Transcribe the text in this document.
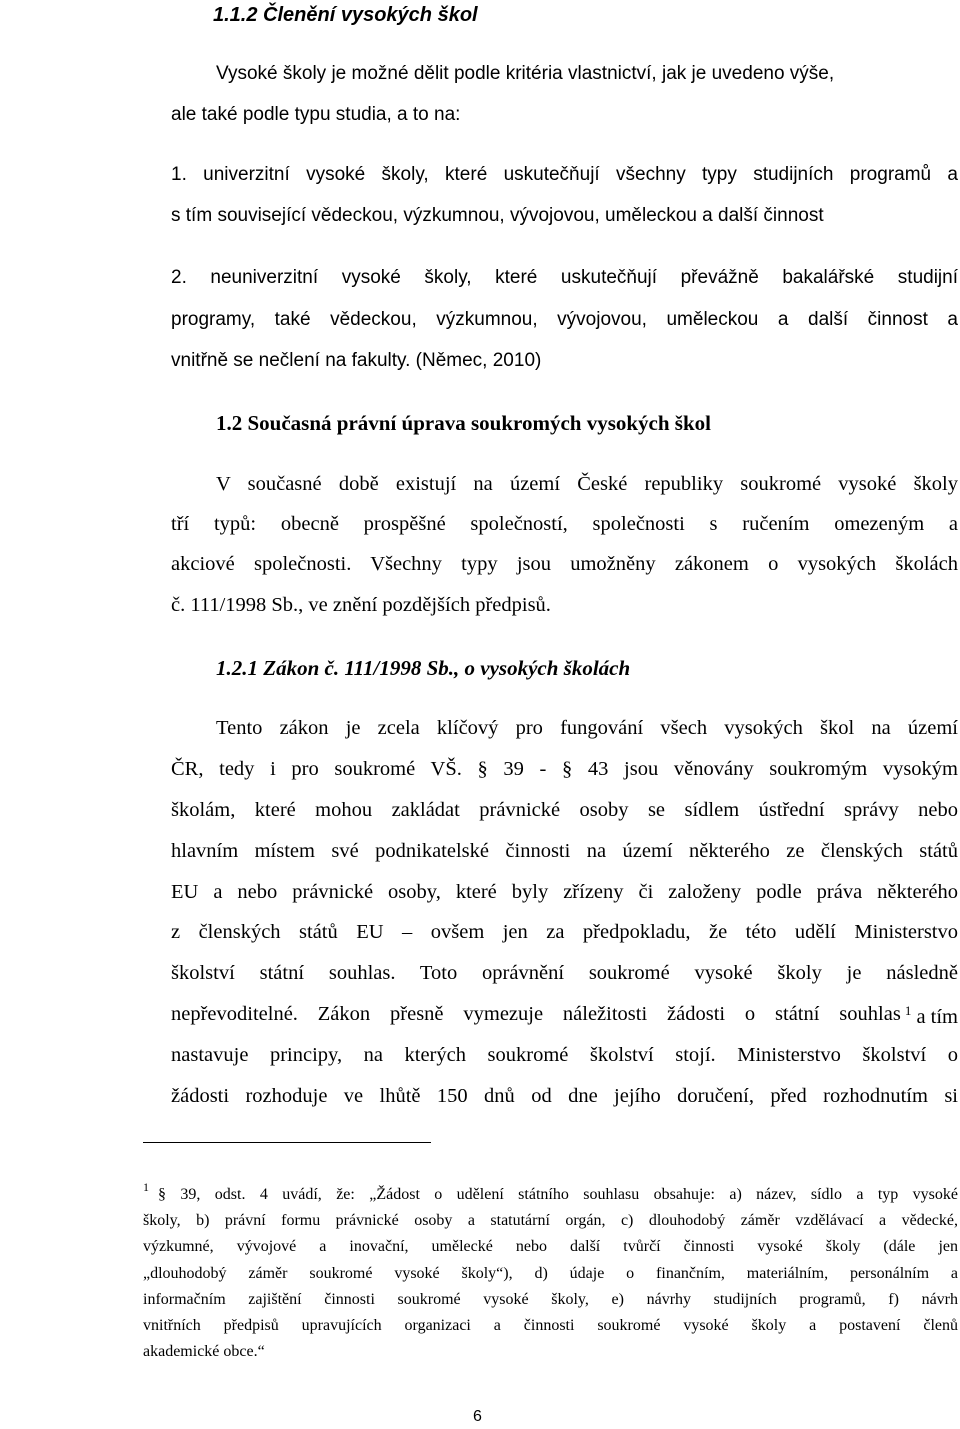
1.1.2 Členění vysokých škol
Vysoké školy je možné dělit podle kritéria vlastnictví, jak je uvedeno výše,
ale také podle typu studia, a to na:
1. univerzitní vysoké školy, které uskutečňují všechny typy studijních programů a
s tím související vědeckou, výzkumnou, vývojovou, uměleckou a další činnost
2. neuniverzitní vysoké školy, které uskutečňují převážně bakalářské studijní
programy, také vědeckou, výzkumnou, vývojovou, uměleckou a další činnost a
vnitřně se nečlení na fakulty. (Němec, 2010)
1.2 Současná právní úprava soukromých vysokých škol
V současné době existují na území České republiky soukromé vysoké školy
tří typů: obecně prospěšné společností, společnosti s ručením omezeným a
akciové společnosti. Všechny typy jsou umožněny zákonem o vysokých školách
č. 111/1998 Sb., ve znění pozdějších předpisů.
1.2.1 Zákon č. 111/1998 Sb., o vysokých školách
Tento zákon je zcela klíčový pro fungování všech vysokých škol na území
ČR, tedy i pro soukromé VŠ. § 39 - § 43 jsou věnovány soukromým vysokým
školám, které mohou zakládat právnické osoby se sídlem ústřední správy nebo
hlavním místem své podnikatelské činnosti na území některého ze členských států
EU a nebo právnické osoby, které byly zřízeny či založeny podle práva některého
z členských států EU – ovšem jen za předpokladu, že této udělí Ministerstvo
školství státní souhlas. Toto oprávnění soukromé vysoké školy je následně
nepřevoditelné. Zákon přesně vymezuje náležitosti žádosti o státní souhlas $^1$ a tím
nastavuje principy, na kterých soukromé školství stojí. Ministerstvo školství o
žádosti rozhoduje ve lhůtě 150 dnů od dne jejího doručení, před rozhodnutím si
1 § 39, odst. 4 uvádí, že: „Žádost o udělení státního souhlasu obsahuje: a) název, sídlo a typ vysoké
školy, b) právní formu právnické osoby a statutární orgán, c) dlouhodobý záměr vzdělávací a vědecké,
výzkumné, vývojové a inovační, umělecké nebo další tvůrčí činnosti vysoké školy (dále jen
„dlouhodobý záměr soukromé vysoké školy“), d) údaje o finančním, materiálním, personálním a
informačním zajištění činnosti soukromé vysoké školy, e) návrhy studijních programů, f) návrh
vnitřních předpisů upravujících organizaci a činnosti soukromé vysoké školy a postavení členů
akademické obce.“
6
